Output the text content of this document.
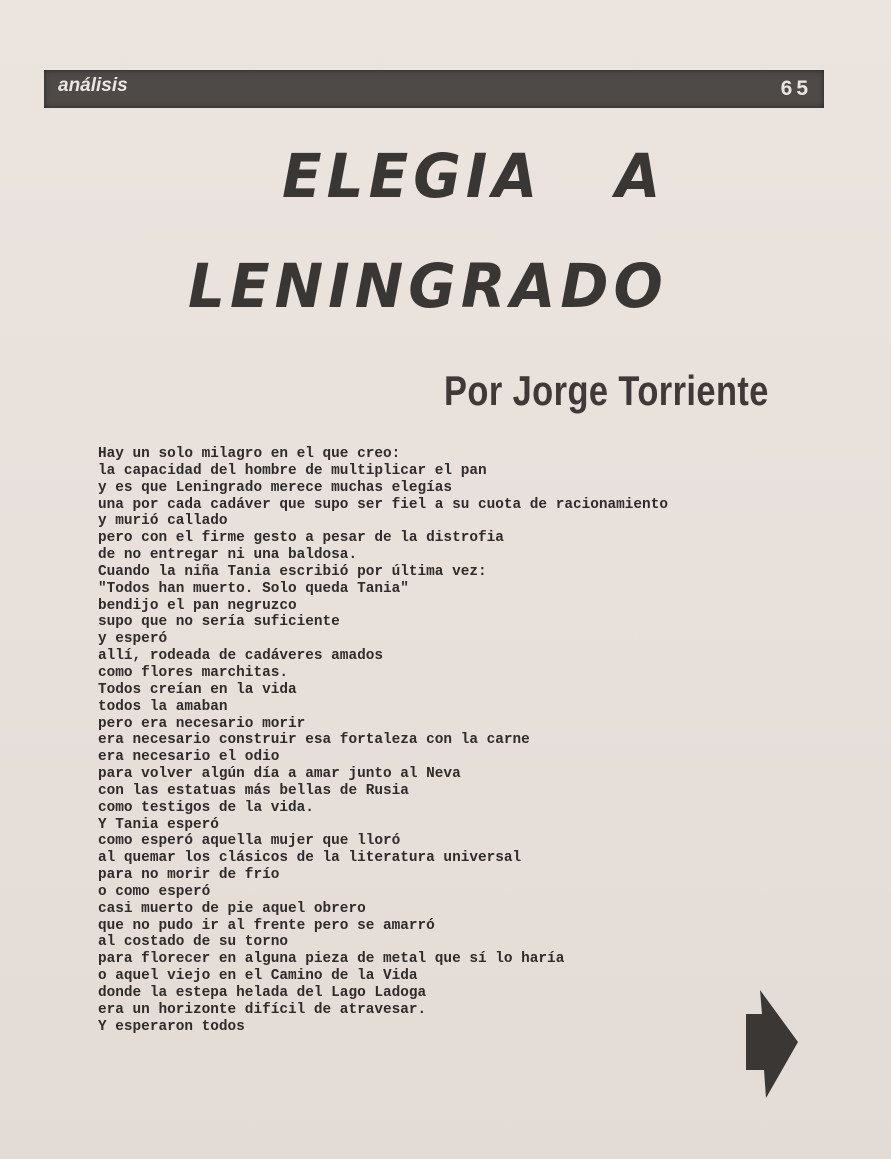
análisis	65
ELEGIA A
LENINGRADO
Por Jorge Torriente
Hay un solo milagro en el que creo:
la capacidad del hombre de multiplicar el pan
y es que Leningrado merece muchas elegías
una por cada cadáver que supo ser fiel a su cuota de racionamiento
y murió callado
pero con el firme gesto a pesar de la distrofia
de no entregar ni una baldosa.
Cuando la niña Tania escribió por última vez:
"Todos han muerto. Solo queda Tania"
bendijo el pan negruzco
supo que no sería suficiente
y esperó
allí, rodeada de cadáveres amados
como flores marchitas.
Todos creían en la vida
todos la amaban
pero era necesario morir
era necesario construir esa fortaleza con la carne
era necesario el odio
para volver algún día a amar junto al Neva
con las estatuas más bellas de Rusia
como testigos de la vida.
Y Tania esperó
como esperó aquella mujer que lloró
al quemar los clásicos de la literatura universal
para no morir de frío
o como esperó
casi muerto de pie aquel obrero
que no pudo ir al frente pero se amarró
al costado de su torno
para florecer en alguna pieza de metal que sí lo haría
o aquel viejo en el Camino de la Vida
donde la estepa helada del Lago Ladoga
era un horizonte difícil de atravesar.
Y esperaron todos
